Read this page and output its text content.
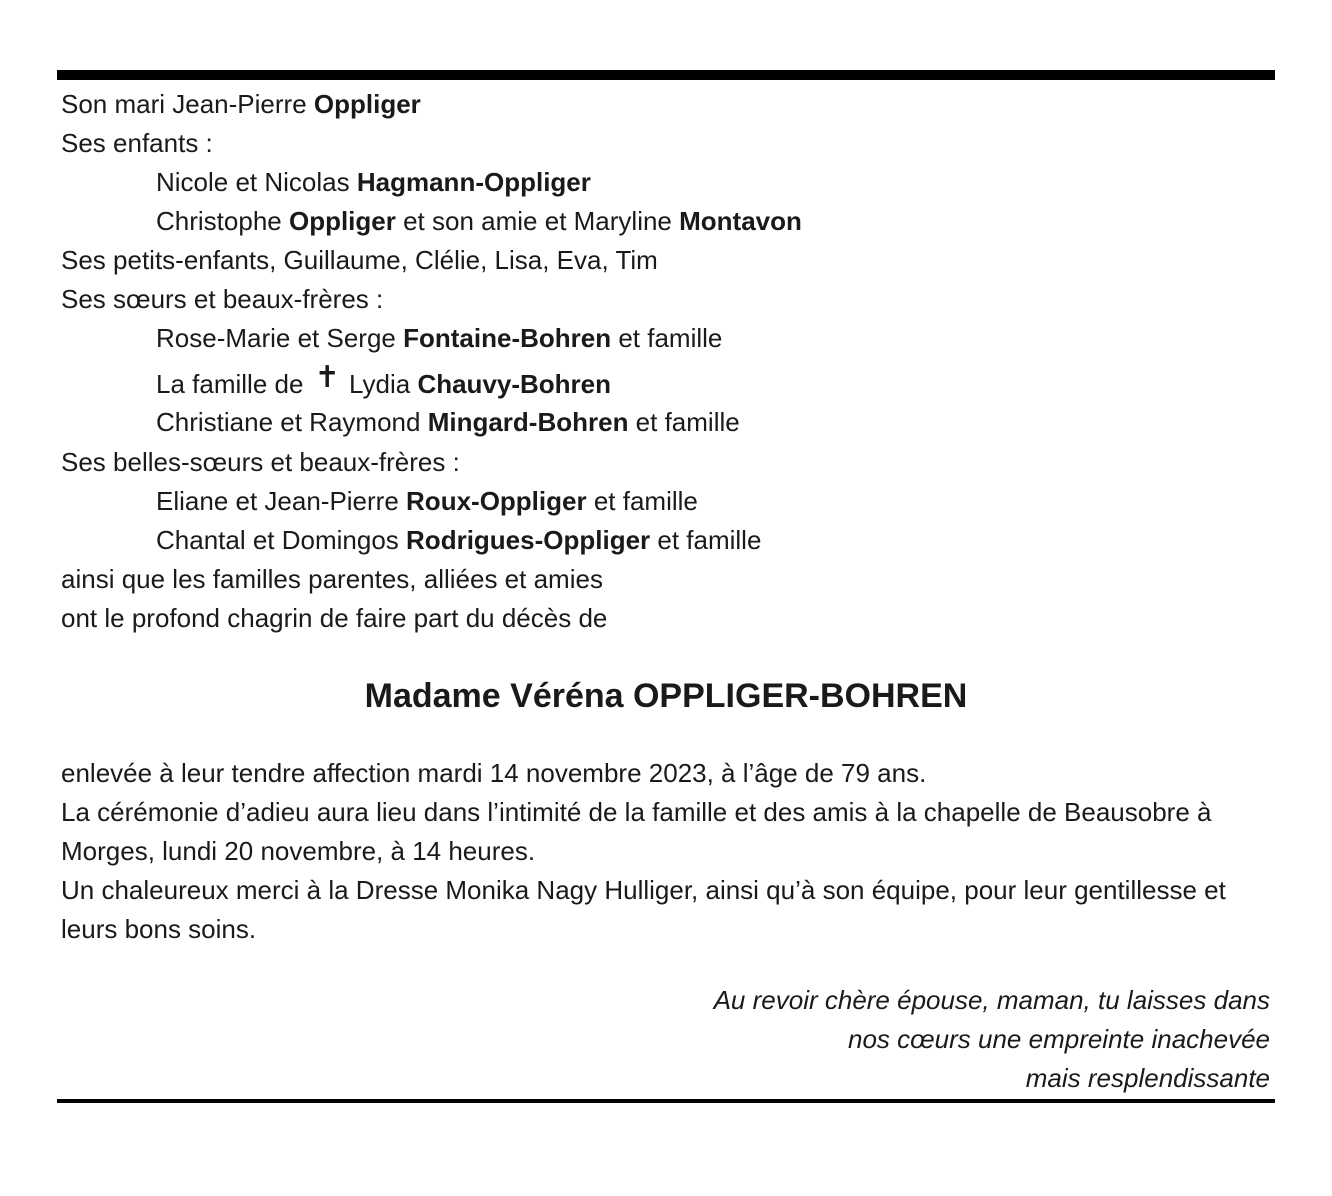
Son mari Jean-Pierre Oppliger
Ses enfants :
Nicole et Nicolas Hagmann-Oppliger
Christophe Oppliger et son amie et Maryline Montavon
Ses petits-enfants, Guillaume, Clélie, Lisa, Eva, Tim
Ses sœurs et beaux-frères :
Rose-Marie et Serge Fontaine-Bohren et famille
La famille de ✝ Lydia Chauvy-Bohren
Christiane et Raymond Mingard-Bohren et famille
Ses belles-sœurs et beaux-frères :
Eliane et Jean-Pierre Roux-Oppliger et famille
Chantal et Domingos Rodrigues-Oppliger et famille
ainsi que les familles parentes, alliées et amies
ont le profond chagrin de faire part du décès de
Madame Véréna OPPLIGER-BOHREN

enlevée à leur tendre affection mardi 14 novembre 2023, à l’âge de 79 ans.

La cérémonie d’adieu aura lieu dans l’intimité de la famille et des amis à la chapelle de Beausobre à Morges, lundi 20 novembre, à 14 heures.

Un chaleureux merci à la Dresse Monika Nagy Hulliger, ainsi qu’à son équipe, pour leur gentillesse et leurs bons soins.

Au revoir chère épouse, maman, tu laisses dans

nos cœurs une empreinte inachevée

mais resplendissante
